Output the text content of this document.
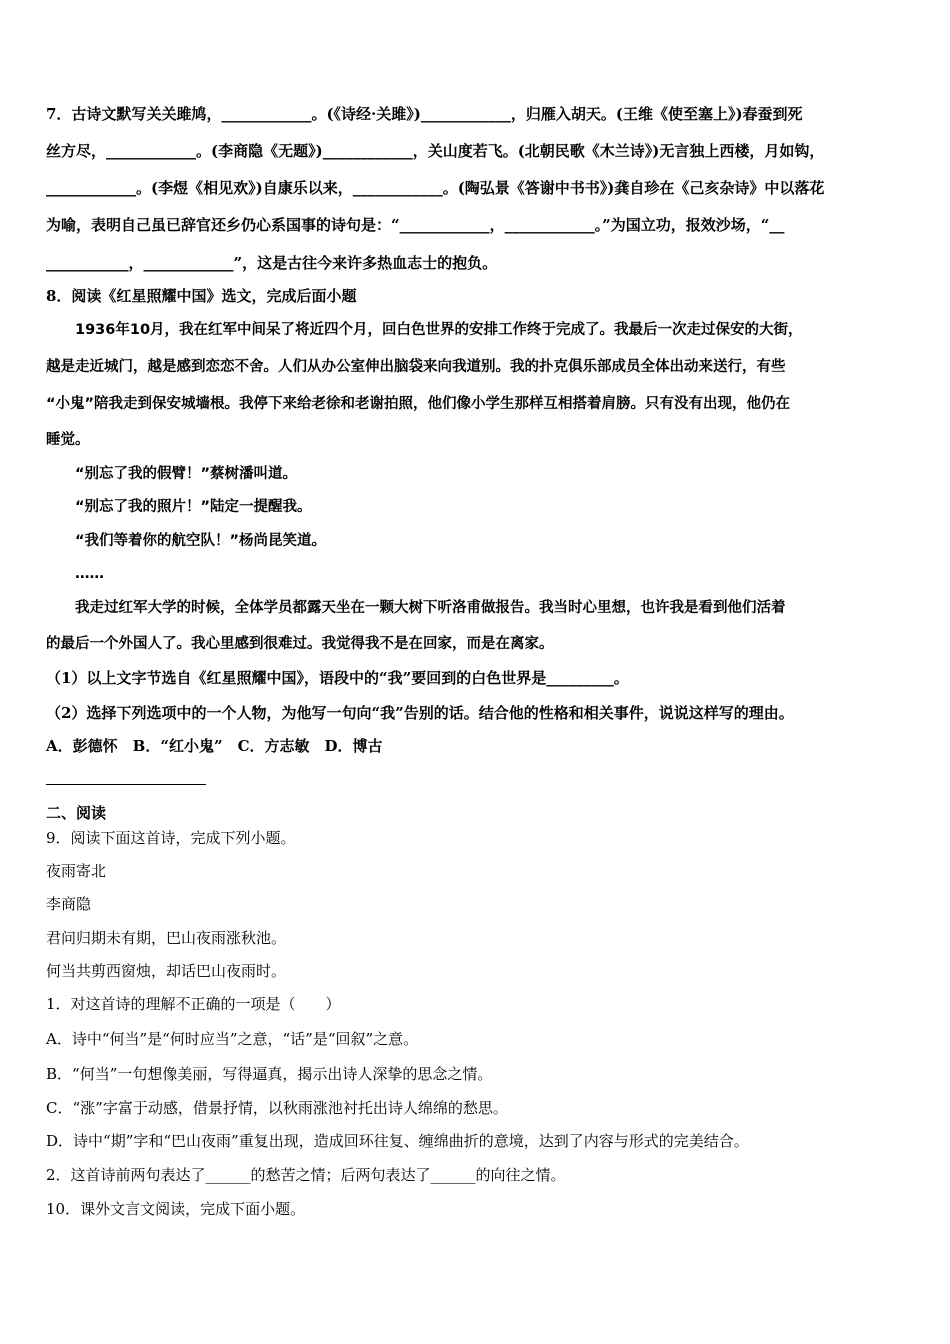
7．古诗文默写关关雎鸠，____________。(《诗经·关雎》)____________，归雁入胡天。(王维《使至塞上》)春蚕到死
丝方尽，____________。(李商隐《无题》)____________，关山度若飞。(北朝民歌《木兰诗》)无言独上西楼，月如钩，
____________。(李煜《相见欢》)自康乐以来，____________。(陶弘景《答谢中书书》)龚自珍在《己亥杂诗》中以落花
为喻，表明自己虽已辞官还乡仍心系国事的诗句是：“____________，____________。”为国立功，报效沙场，“__
___________，____________”，这是古往今来许多热血志士的抱负。
8．阅读《红星照耀中国》选文，完成后面小题
　　1936年10月，我在红军中间呆了将近四个月，回白色世界的安排工作终于完成了。我最后一次走过保安的大街，
越是走近城门，越是感到恋恋不舍。人们从办公室伸出脑袋来向我道别。我的扑克俱乐部成员全体出动来送行，有些
“小鬼”陪我走到保安城墙根。我停下来给老徐和老谢拍照，他们像小学生那样互相搭着肩膀。只有没有出现，他仍在
睡觉。
　　“别忘了我的假臂！”蔡树潘叫道。
　　“别忘了我的照片！”陆定一提醒我。
　　“我们等着你的航空队！”杨尚昆笑道。
　　……
　　我走过红军大学的时候，全体学员都露天坐在一颗大树下听洛甫做报告。我当时心里想，也许我是看到他们活着
的最后一个外国人了。我心里感到很难过。我觉得我不是在回家，而是在离家。
（1）以上文字节选自《红星照耀中国》，语段中的“我”要回到的白色世界是_________。
（2）选择下列选项中的一个人物，为他写一句向“我”告别的话。结合他的性格和相关事件，说说这样写的理由。
A．彭德怀　B．“红小鬼”　C．方志敏　D．博古
二、阅读
9．阅读下面这首诗，完成下列小题。
夜雨寄北
李商隐
君问归期未有期，巴山夜雨涨秋池。
何当共剪西窗烛，却话巴山夜雨时。
1．对这首诗的理解不正确的一项是（　　）
A．诗中“何当”是“何时应当”之意，“话”是“回叙”之意。
B．“何当”一句想像美丽，写得逼真，揭示出诗人深挚的思念之情。
C．“涨”字富于动感，借景抒情，以秋雨涨池衬托出诗人绵绵的愁思。
D．诗中“期”字和“巴山夜雨”重复出现，造成回环往复、缠绵曲折的意境，达到了内容与形式的完美结合。
2．这首诗前两句表达了______的愁苦之情；后两句表达了______的向往之情。
10．课外文言文阅读，完成下面小题。
